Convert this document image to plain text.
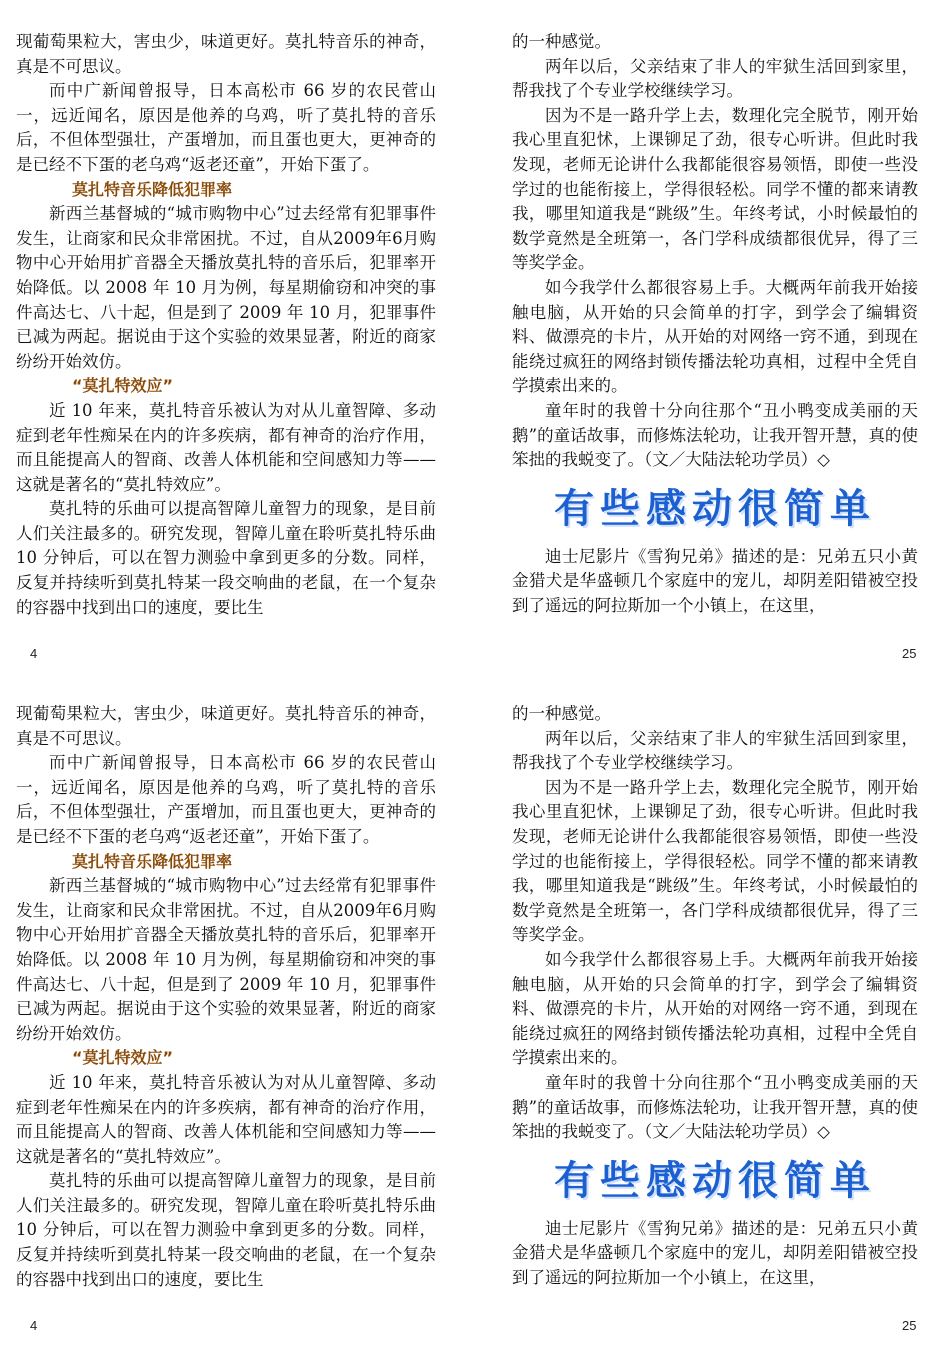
现葡萄果粒大，害虫少，味道更好。莫扎特音乐的神奇，真是不可思议。

而中广新闻曾报导，日本高松市 66 岁的农民菅山一，远近闻名，原因是他养的乌鸡，听了莫扎特的音乐后，不但体型强壮，产蛋增加，而且蛋也更大，更神奇的是已经不下蛋的老乌鸡“返老还童”，开始下蛋了。

莫扎特音乐降低犯罪率

新西兰基督城的“城市购物中心”过去经常有犯罪事件发生，让商家和民众非常困扰。不过，自从2009年6月购物中心开始用扩音器全天播放莫扎特的音乐后，犯罪率开始降低。以 2008 年 10 月为例，每星期偷窃和冲突的事件高达七、八十起，但是到了 2009 年 10 月，犯罪事件已减为两起。据说由于这个实验的效果显著，附近的商家纷纷开始效仿。

“莫扎特效应”

近 10 年来，莫扎特音乐被认为对从儿童智障、多动症到老年性痴呆在内的许多疾病，都有神奇的治疗作用，而且能提高人的智商、改善人体机能和空间感知力等——这就是著名的“莫扎特效应”。

莫扎特的乐曲可以提高智障儿童智力的现象，是目前人们关注最多的。研究发现，智障儿童在聆听莫扎特乐曲 10 分钟后，可以在智力测验中拿到更多的分数。同样，反复并持续听到莫扎特某一段交响曲的老鼠，在一个复杂的容器中找到出口的速度，要比生

4

的一种感觉。

两年以后，父亲结束了非人的牢狱生活回到家里，帮我找了个专业学校继续学习。

因为不是一路升学上去，数理化完全脱节，刚开始我心里直犯怵，上课铆足了劲，很专心听讲。但此时我发现，老师无论讲什么我都能很容易领悟，即使一些没学过的也能衔接上，学得很轻松。同学不懂的都来请教我，哪里知道我是“跳级”生。年终考试，小时候最怕的数学竟然是全班第一，各门学科成绩都很优异，得了三等奖学金。

如今我学什么都很容易上手。大概两年前我开始接触电脑，从开始的只会简单的打字，到学会了编辑资料、做漂亮的卡片，从开始的对网络一窍不通，到现在能绕过疯狂的网络封锁传播法轮功真相，过程中全凭自学摸索出来的。

童年时的我曾十分向往那个“丑小鸭变成美丽的天鹅”的童话故事，而修炼法轮功，让我开智开慧，真的使笨拙的我蜕变了。（文／大陆法轮功学员）◇

有些感动很简单

迪士尼影片《雪狗兄弟》描述的是：兄弟五只小黄金猎犬是华盛顿几个家庭中的宠儿，却阴差阳错被空投到了遥远的阿拉斯加一个小镇上，在这里，

25

现葡萄果粒大，害虫少，味道更好。莫扎特音乐的神奇，真是不可思议。

而中广新闻曾报导，日本高松市 66 岁的农民菅山一，远近闻名，原因是他养的乌鸡，听了莫扎特的音乐后，不但体型强壮，产蛋增加，而且蛋也更大，更神奇的是已经不下蛋的老乌鸡“返老还童”，开始下蛋了。

莫扎特音乐降低犯罪率

新西兰基督城的“城市购物中心”过去经常有犯罪事件发生，让商家和民众非常困扰。不过，自从2009年6月购物中心开始用扩音器全天播放莫扎特的音乐后，犯罪率开始降低。以 2008 年 10 月为例，每星期偷窃和冲突的事件高达七、八十起，但是到了 2009 年 10 月，犯罪事件已减为两起。据说由于这个实验的效果显著，附近的商家纷纷开始效仿。

“莫扎特效应”

近 10 年来，莫扎特音乐被认为对从儿童智障、多动症到老年性痴呆在内的许多疾病，都有神奇的治疗作用，而且能提高人的智商、改善人体机能和空间感知力等——这就是著名的“莫扎特效应”。

莫扎特的乐曲可以提高智障儿童智力的现象，是目前人们关注最多的。研究发现，智障儿童在聆听莫扎特乐曲 10 分钟后，可以在智力测验中拿到更多的分数。同样，反复并持续听到莫扎特某一段交响曲的老鼠，在一个复杂的容器中找到出口的速度，要比生

4

的一种感觉。

两年以后，父亲结束了非人的牢狱生活回到家里，帮我找了个专业学校继续学习。

因为不是一路升学上去，数理化完全脱节，刚开始我心里直犯怵，上课铆足了劲，很专心听讲。但此时我发现，老师无论讲什么我都能很容易领悟，即使一些没学过的也能衔接上，学得很轻松。同学不懂的都来请教我，哪里知道我是“跳级”生。年终考试，小时候最怕的数学竟然是全班第一，各门学科成绩都很优异，得了三等奖学金。

如今我学什么都很容易上手。大概两年前我开始接触电脑，从开始的只会简单的打字，到学会了编辑资料、做漂亮的卡片，从开始的对网络一窍不通，到现在能绕过疯狂的网络封锁传播法轮功真相，过程中全凭自学摸索出来的。

童年时的我曾十分向往那个“丑小鸭变成美丽的天鹅”的童话故事，而修炼法轮功，让我开智开慧，真的使笨拙的我蜕变了。（文／大陆法轮功学员）◇

有些感动很简单

迪士尼影片《雪狗兄弟》描述的是：兄弟五只小黄金猎犬是华盛顿几个家庭中的宠儿，却阴差阳错被空投到了遥远的阿拉斯加一个小镇上，在这里，

25
